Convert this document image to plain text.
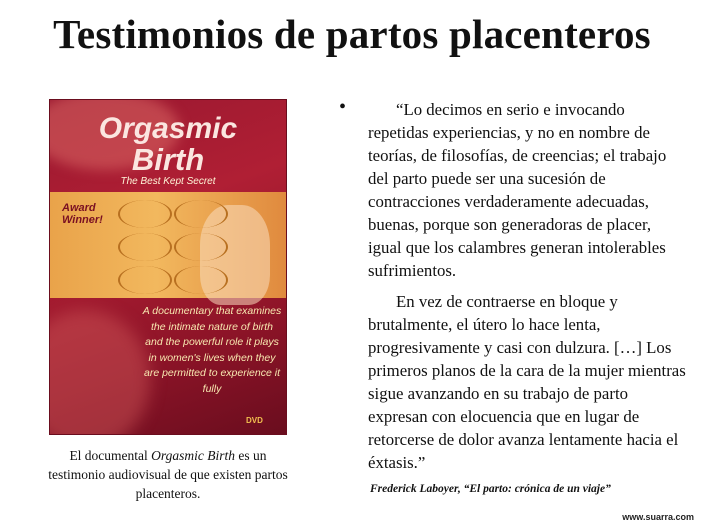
Testimonios de partos placenteros
Orgasmic
Birth
The Best Kept Secret
Award
Winner!
A documentary that examines the intimate nature of birth and the powerful role it plays in women's lives when they are permitted to experience it fully
DVD
El documental Orgasmic Birth es un testimonio audiovisual de que existen partos placenteros.
•	“Lo decimos en serio e invocando repetidas experiencias, y no en nombre de teorías, de filosofías, de creencias; el trabajo del parto puede ser una sucesión de contracciones verdaderamente adecuadas, buenas, porque son generadoras de placer, igual que los calambres generan intolerables sufrimientos.

En vez de contraerse en bloque y brutalmente, el útero lo hace lenta, progresivamente y casi con dulzura. […] Los primeros planos de la cara de la mujer mientras sigue avanzando en su trabajo de parto expresan con elocuencia que en lugar de retorcerse de dolor avanza lentamente hacia el éxtasis.”

Frederick Laboyer, “El parto: crónica de un viaje”
www.suarra.com
